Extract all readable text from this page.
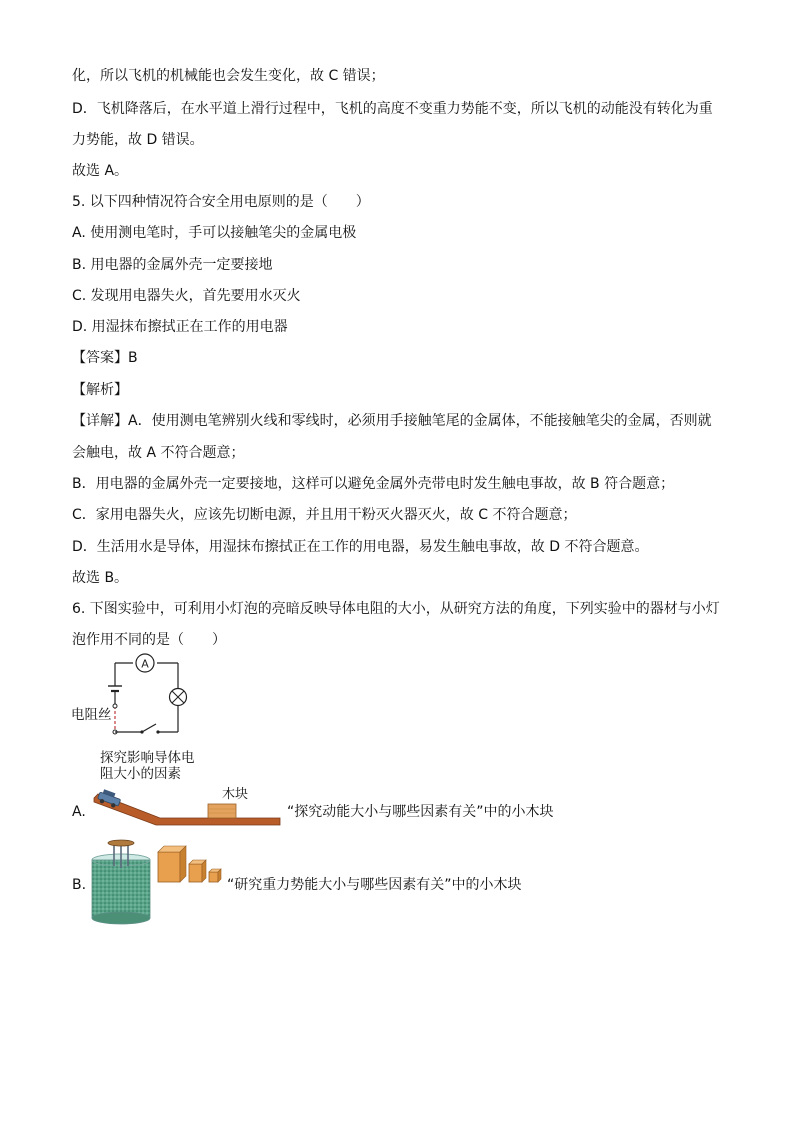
化，所以飞机的机械能也会发生变化，故 C 错误；
D．飞机降落后，在水平道上滑行过程中，飞机的高度不变重力势能不变，所以飞机的动能没有转化为重
力势能，故 D 错误。
故选 A。
5. 以下四种情况符合安全用电原则的是（　　）
A. 使用测电笔时，手可以接触笔尖的金属电极
B. 用电器的金属外壳一定要接地
C. 发现用电器失火，首先要用水灭火
D. 用湿抹布擦拭正在工作的用电器
【答案】B
【解析】
【详解】A．使用测电笔辨别火线和零线时，必须用手接触笔尾的金属体，不能接触笔尖的金属，否则就
会触电，故 A 不符合题意；
B．用电器的金属外壳一定要接地，这样可以避免金属外壳带电时发生触电事故，故 B 符合题意；
C．家用电器失火，应该先切断电源，并且用干粉灭火器灭火，故 C 不符合题意；
D．生活用水是导体，用湿抹布擦拭正在工作的用电器，易发生触电事故，故 D 不符合题意。
故选 B。
6. 下图实验中，可利用小灯泡的亮暗反映导体电阻的大小，从研究方法的角度，下列实验中的器材与小灯
泡作用不同的是（　　）
A
电阻丝
探究影响导体电
阻大小的因素
A.
木块
“探究动能大小与哪些因素有关”中的小木块
B.	“研究重力势能大小与哪些因素有关”中的小木块
